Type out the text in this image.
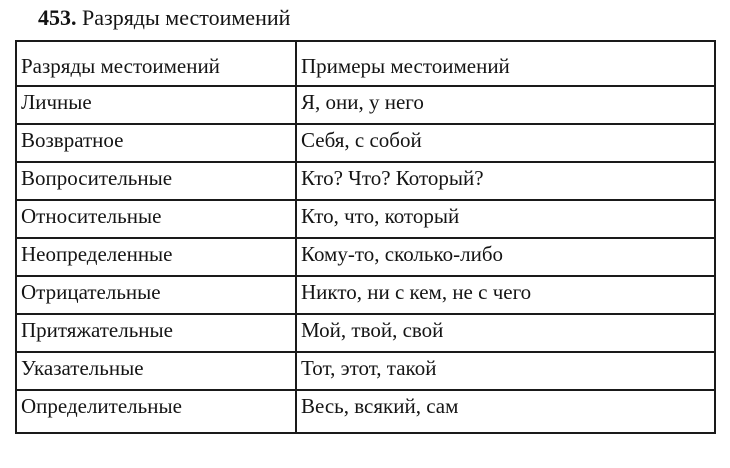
453. Разряды местоимений
Разряды местоимений	Примеры местоимений
Личные	Я, они, у него
Возвратное	Себя, с собой
Вопросительные	Кто? Что? Который?
Относительные	Кто, что, который
Неопределенные	Кому-то, сколько-либо
Отрицательные	Никто, ни с кем, не с чего
Притяжательные	Мой, твой, свой
Указательные	Тот, этот, такой
Определительные	Весь, всякий, сам
